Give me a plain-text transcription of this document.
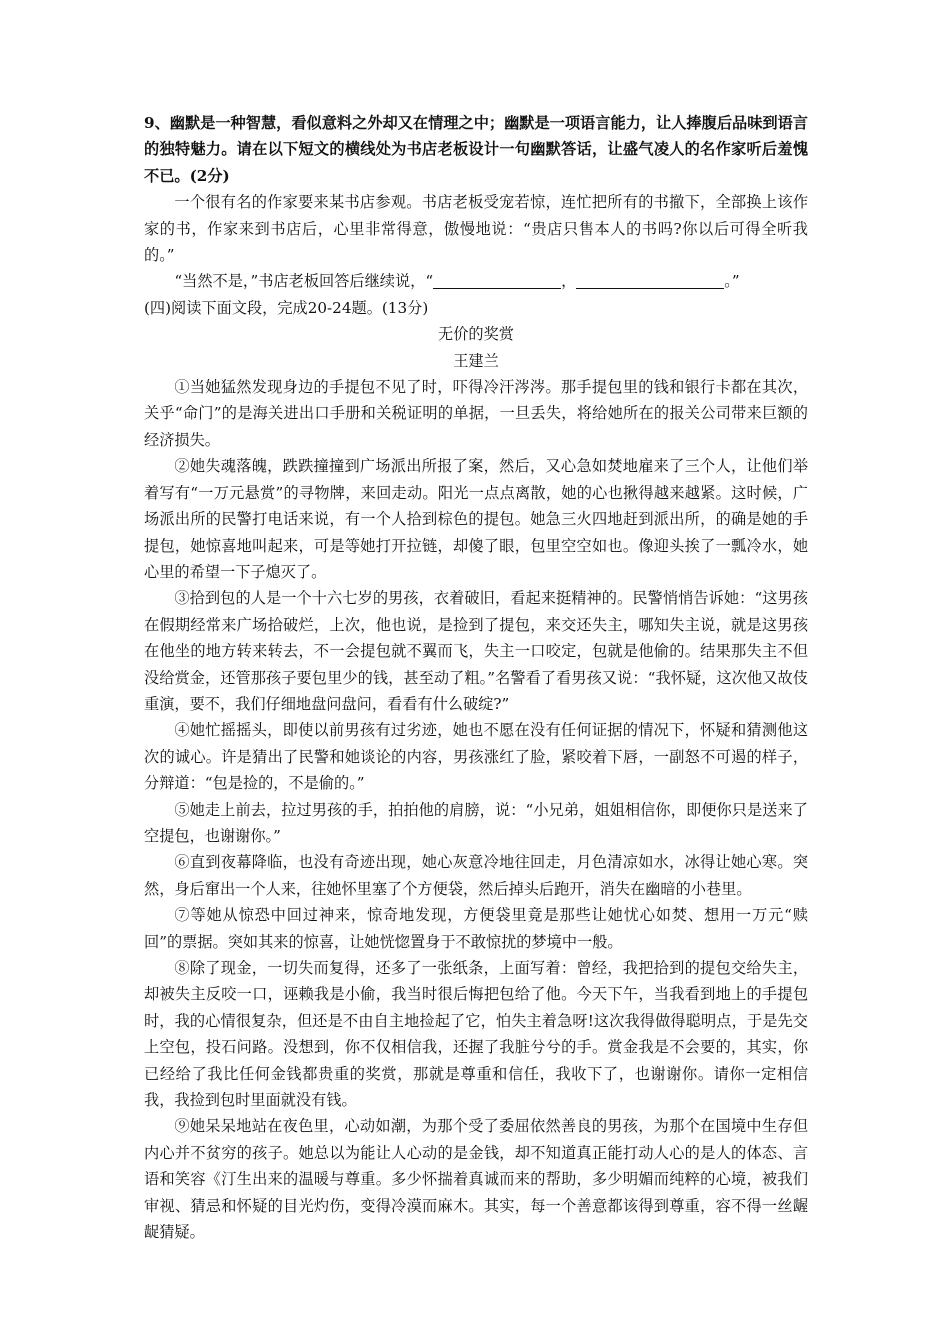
9、幽默是一种智慧，看似意料之外却又在情理之中；幽默是一项语言能力，让人捧腹后品味到语言的独特魅力。请在以下短文的横线处为书店老板设计一句幽默答话，让盛气凌人的名作家听后羞愧不已。(2分)

一个很有名的作家要来某书店参观。书店老板受宠若惊，连忙把所有的书撤下，全部换上该作家的书，作家来到书店后，心里非常得意，傲慢地说：“贵店只售本人的书吗?你以后可得全听我的。”

“当然不是，”书店老板回答后继续说，“	，	。”

(四)阅读下面文段，完成20-24题。(13分)

无价的奖赏

王建兰

①当她猛然发现身边的手提包不见了时，吓得冷汗涔涔。那手提包里的钱和银行卡都在其次，关乎“命门”的是海关进出口手册和关税证明的单据，一旦丢失，将给她所在的报关公司带来巨额的经济损失。

②她失魂落魄，跌跌撞撞到广场派出所报了案，然后，又心急如焚地雇来了三个人，让他们举着写有“一万元悬赏”的寻物牌，来回走动。阳光一点点离散，她的心也揪得越来越紧。这时候，广场派出所的民警打电话来说，有一个人拾到棕色的提包。她急三火四地赶到派出所，的确是她的手提包，她惊喜地叫起来，可是等她打开拉链，却傻了眼，包里空空如也。像迎头挨了一瓢冷水，她心里的希望一下子熄灭了。

③拾到包的人是一个十六七岁的男孩，衣着破旧，看起来挺精神的。民警悄悄告诉她：“这男孩在假期经常来广场拾破烂，上次，他也说，是捡到了提包，来交还失主，哪知失主说，就是这男孩在他坐的地方转来转去，不一会提包就不翼而飞，失主一口咬定，包就是他偷的。结果那失主不但没给赏金，还管那孩子要包里少的钱，甚至动了粗。”名警看了看男孩又说：“我怀疑，这次他又故伎重演，要不，我们仔细地盘问盘问，看看有什么破绽?”

④她忙摇摇头，即使以前男孩有过劣迹，她也不愿在没有任何证据的情况下，怀疑和猜测他这次的诚心。许是猜出了民警和她谈论的内容，男孩涨红了脸，紧咬着下唇，一副怒不可遏的样子，分辩道：“包是捡的，不是偷的。”

⑤她走上前去，拉过男孩的手，拍拍他的肩膀，说：“小兄弟，姐姐相信你，即便你只是送来了空提包，也谢谢你。”

⑥直到夜幕降临，也没有奇迹出现，她心灰意冷地往回走，月色清凉如水，冰得让她心寒。突然，身后窜出一个人来，往她怀里塞了个方便袋，然后掉头后跑开，消失在幽暗的小巷里。

⑦等她从惊恐中回过神来，惊奇地发现，方便袋里竟是那些让她忧心如焚、想用一万元“赎回”的票据。突如其来的惊喜，让她恍惚置身于不敢惊扰的梦境中一般。

⑧除了现金，一切失而复得，还多了一张纸条，上面写着：曾经，我把拾到的提包交给失主，却被失主反咬一口，诬赖我是小偷，我当时很后悔把包给了他。今天下午，当我看到地上的手提包时，我的心情很复杂，但还是不由自主地捡起了它，怕失主着急呀!这次我得做得聪明点，于是先交上空包，投石问路。没想到，你不仅相信我，还握了我脏兮兮的手。赏金我是不会要的，其实，你已经给了我比任何金钱都贵重的奖赏，那就是尊重和信任，我收下了，也谢谢你。请你一定相信我，我捡到包时里面就没有钱。

⑨她呆呆地站在夜色里，心动如潮，为那个受了委屈依然善良的男孩，为那个在国境中生存但内心并不贫穷的孩子。她总以为能让人心动的是金钱，却不知道真正能打动人心的是人的体态、言语和笑容《汀生出来的温暖与尊重。多少怀揣着真诚而来的帮助，多少明媚而纯粹的心境，被我们审视、猜忌和怀疑的目光灼伤，变得冷漠而麻木。其实，每一个善意都该得到尊重，容不得一丝龌龊猜疑。
